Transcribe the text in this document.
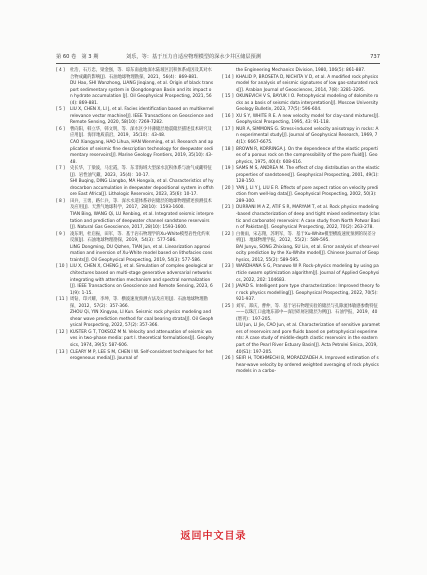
第 60 卷　第 3 期	刘乐，等：基于压力自适应物理模型的深水少井区储层预测	737
[ 4 ]	杜浩，石万忠，梁金强，等．琼东南盆地深水陆坡区沉积体系成因及其对水合物成藏的影响[J]．石油地球物理勘探，2021，56(4)：869-881．
DU Hao, SHI Wanzhong, LIANG Jinqiang, et al. Origin of black transport sedimentary system in Qiongdongnan Basin and its impact on hydrate accumulation [J]. Oil Geophysical Prospecting, 2021, 56(4): 869-881.
[ 5 ]	LIU X, CHEN X, LI J, et al. Facies identification based on multikernel relevance vector machine[J]. IEEE Transactions on Geoscience and Remote Sensing, 2020, 58(10): 7269-7282.
[ 6 ]	曹向阳，韩立华，韩文明，等．深水区少井薄储层地震储层描述技术研究及应用[J]．海洋地质前沿，2019，35(10)：43-48．
CAO Xiangyang, HAO Lihua, HAN Wenming, et al. Research and application of seismic fine description technology for deepwater sedimentary reservoirs[J]. Marine Geology Frontiers, 2019, 35(10): 43-48.
[ 7 ]	史长华，丁梁波，马宏霞，等．东非海域大型深水沉积体系与油气成藏特征[J]．岩性油气藏，2023，35(4)：10-17．
SHI Buqing, DING Liangbo, MA Hongxia, et al. Characteristics of hydrocarbon accumulation in deepwater depositional system in offshore East Africa[J]. Lithologic Reservoirs, 2023, 35(6): 10-17.
[ 8 ]	田兵，王勇，路仁兵，等．深水水道体系砂岩储层的地球物理描述预测技术及应用[J]．天然气地球科学，2017，28(10)：1593-1600．
TIAN Bing, WANG Qi, LU Renbing, et al. Integrated seismic interpretation and prediction of deepwater channel sandstone reservoirs[J]. Natural Gas Geoscience, 2017, 28(10): 1593-1600.
[ 9 ]	凌东明，杜启振，田军，等．基于岩石物理学的Xu-White模型岩性化约束反演[J]．石油地球物理勘探，2019，54(3)：577-586．
LING Dongming, DU Qizhen, TIAN Jun, et al. Linearization approximation and inversion of Xu-White model based on lithofacies constraints[J]. Oil Geophysical Prospecting, 2019, 54(3): 577-586.
[ 10 ] LIU X, CHEN X, CHENG J, et al. Simulation of complex geological architectures based on multi-stage generative adversarial networks integrating with attention mechanism and spectral normalization[J]. IEEE Transactions on Geoscience and Remote Sensing, 2023, 61(9): 1-15.
[ 11 ] 周钻，印兴耀，李坤，等．横波速度预测方法及应用[J]．石油地球物理勘探，2012，57(2)：357-366．
ZHOU Qi, YIN Xingyao, LI Kun. Seismic rock physics modeling and shear wave prediction method for coal bearing strata[J]. Oil Geophysical Prospecting, 2022, 57(2): 357-366.
[ 12 ] KUSTER G T, TOKSOZ M N. Velocity and attenuation of seismic waves in two-phase media: part I. theoretical formulations[J]. Geophysics, 1974, 39(5): 587-606.
[ 13 ] CLEARY M P, LEE S M, CHEN I W. Self-consistent techniques for heterogeneous media[J]. Journal of
the Engineering Mechanics Division, 1980, 106(5): 861-887.
[ 14 ] KHALID P, BROSETA D, NICHITA V D, et al. A modified rock physics model for analysis of seismic signatures of low gas-saturated rocks[J]. Arabian Journal of Geosciences, 2014, 7(8): 3281-3295.
[ 15 ] OKUNEVICH V S, BAYUK I O. Petrophysical modeling of dolomite rocks as a basis of seismic data interpretation[J]. Moscow University Geology Bulletin, 2023, 77(5): 596-604.
[ 16 ] XU S Y, WHITE R E. A new velocity model for clay-sand mixtures[J]. Geophysical Prospecting, 1995, 43: 91-118.
[ 17 ] NUR A, SIMMONS G. Stress-induced velocity anisotropy in rocks: An experimental study[J]. Journal of Geophysical Research, 1969, 74(1): 6667-6675.
[ 18 ] BROWN R, KORRINGA J. On the dependence of the elastic properties of a porous rock on the compressibility of the pore fluid[J]. Geophysics, 1975, 40(4): 608-616.
[ 19 ] SAMS M S, ANDREA M. The effect of clay distribution on the elastic properties of sandstones[J]. Geophysical Prospecting, 2001, 49(1): 128-150.
[ 20 ] YAN J, LI Y J, LIU E R. Effects of pore aspect ratios on velocity prediction from well-log data[J]. Geophysical Prospecting, 2002, 50(3): 289-300.
[ 21 ] DURRANI M A Z, ATIF S R, MARYAM T, et al. Rock physics modeling-based characterization of deep and tight mixed sedimentary (clastic and carbonate) reservoirs: A case study from North Potwar Basin of Pakistan[J]. Geophysical Prospecting, 2022, 70(2): 263-278.
[ 22 ] 白俊雨，宋志翔，苏明军，等．基于Xu-White模型横波速度预测的误差分析[J]．地球物理学报，2012，55(2)：589-595．
BAI Junyu, SONG Zhixiang, SU Lin, et al. Error analysis of shear-velocity prediction by the Xu-White model[J]. Chinese Journal of Geophysics, 2012, 55(2): 589-595.
[ 23 ] WARDHANA S G, Pranowo W P. Rock-physics modeling by using particle swarm optimization algorithm[J]. Journal of Applied Geophysics, 2022, 202: 104683.
[ 24 ] JAVAD S. Intelligent pore type characterization: Improved theory for rock physics modelling[J]. Geophysical Prospecting, 2022, 70(5): 921-937.
[ 25 ] 刘军，郑庆，曹仲，等．基于岩石物理实验的储层与孔隙流体敏感参数特征——以珠江口盆地东部中—深层碎屑岩储层为例[J]．石油学报，2019，40(增刊)：197-205．
LIU Jun, LI Jie, CAO Jun, et al. Characterization of sensitive parameters of reservoirs and pore fluids based on petrophysical experiments: A case study of middle-depth clastic reservoirs in the eastern part of the Pearl River Estuary Basin[J]. Acta Petrolei Sinica, 2019, 40(S1): 197-205.
[ 26 ] SEIFI H, TOKHMECHI B, MORADZADEH A. Improved estimation of shear-wave velocity by ordered weighted averaging of rock physics models in a carbo-
返回中文目录
